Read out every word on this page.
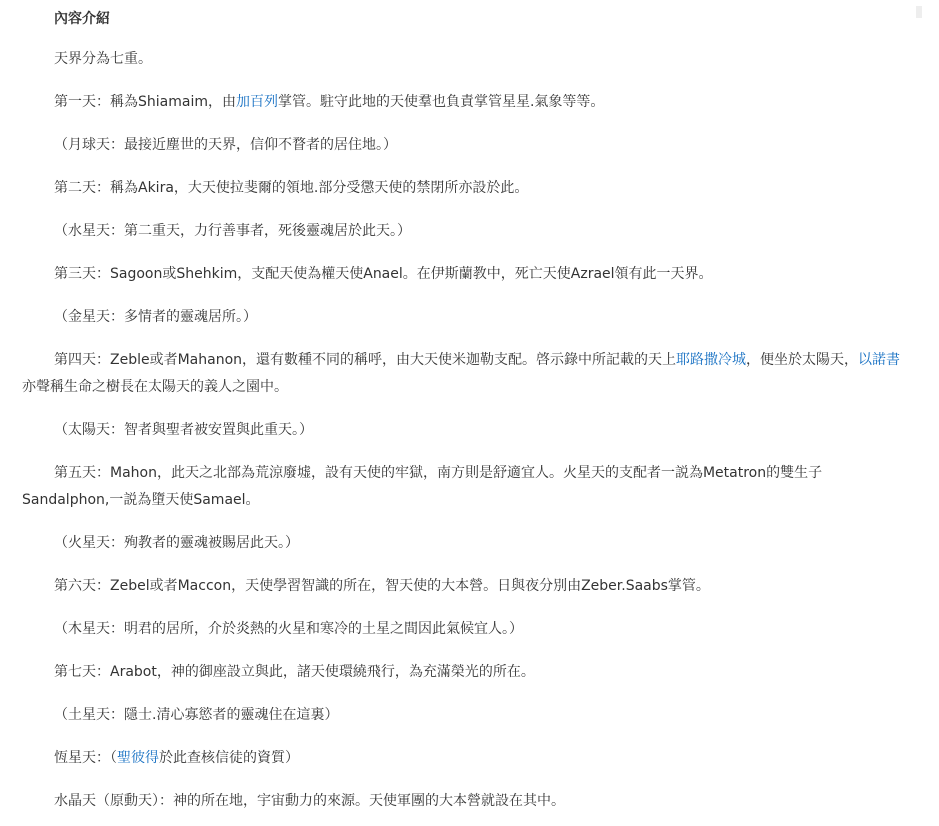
內容介紹

天界分為七重。

第一天：稱為Shiamaim，由加百列掌管。駐守此地的天使羣也負責掌管星星.氣象等等。

（月球天：最接近塵世的天界，信仰不瞀者的居住地。）

第二天：稱為Akira，大天使拉斐爾的領地.部分受懲天使的禁閉所亦設於此。

（水星天：第二重天，力行善事者，死後靈魂居於此天。）

第三天：Sagoon或Shehkim，支配天使為權天使Anael。在伊斯蘭教中，死亡天使Azrael領有此一天界。

（金星天：多情者的靈魂居所。）

第四天：Zeble或者Mahanon，還有數種不同的稱呼，由大天使米迦勒支配。啓示錄中所記載的天上耶路撒冷城，便坐於太陽天，以諾書亦聲稱生命之樹長在太陽天的義人之園中。

（太陽天：智者與聖者被安置與此重天。）

第五天：Mahon，此天之北部為荒涼廢墟，設有天使的牢獄，南方則是舒適宜人。火星天的支配者一説為Metatron的雙生子Sandalphon,一説為墮天使Samael。

（火星天：殉教者的靈魂被賜居此天。）

第六天：Zebel或者Maccon，天使學習智識的所在，智天使的大本營。日與夜分別由Zeber.Saabs掌管。

（木星天：明君的居所，介於炎熱的火星和寒冷的土星之間因此氣候宜人。）

第七天：Arabot，神的御座設立與此，諸天使環繞飛行，為充滿榮光的所在。

（土星天：隱士.清心寡慾者的靈魂住在這裏）

恆星天：（聖彼得於此查核信徒的資質）

水晶天（原動天）：神的所在地，宇宙動力的來源。天使軍團的大本營就設在其中。
